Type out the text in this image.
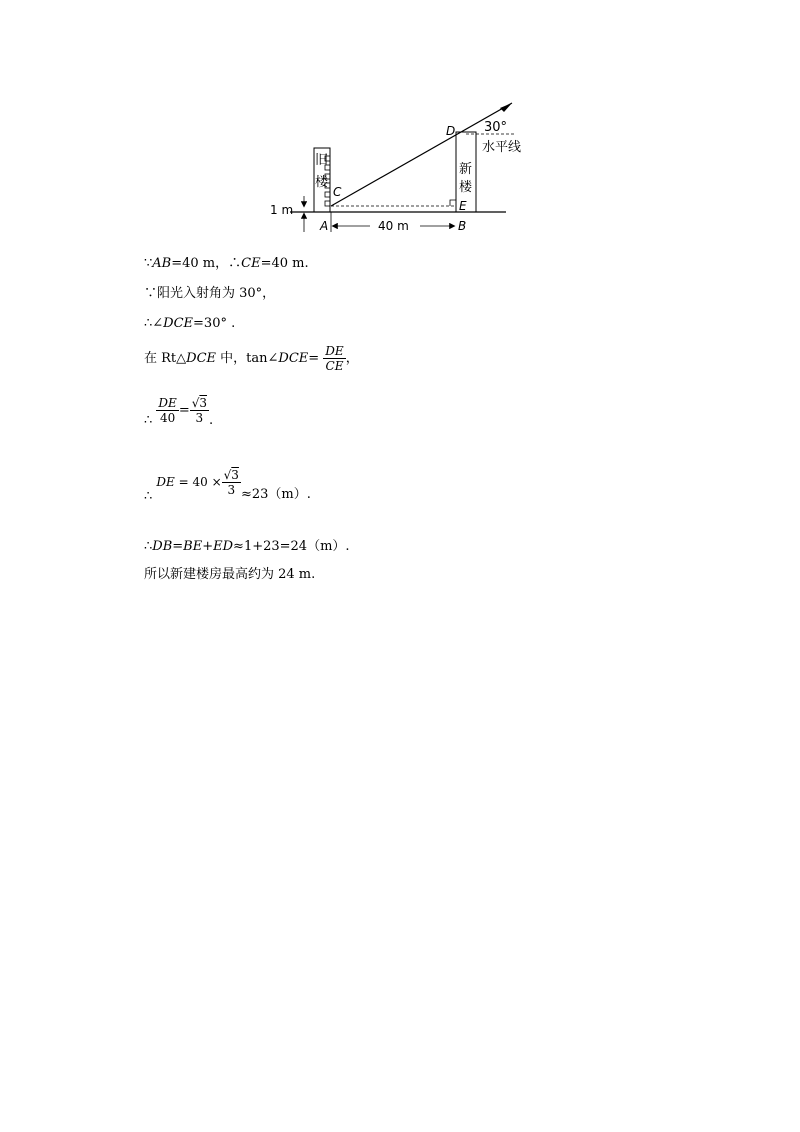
旧
楼
新
楼
30°
水平线
D
C
E
A	B
1 m
40 m
∵AB=40 m，∴CE=40 m.
∵阳光入射角为 30°，
∴∠DCE=30° .
在 Rt△DCE 中，tan∠DCE= $\frac{DE}{CE}$ ，
∴ $\frac{DE}{40} = \frac{√3}{3}$ .
∴ DE = $40 \times \frac{√3}{3} \approx 23(m)$.
∴DB=BE+ED≈1+23=24（m）.
所以新建楼房最高约为 24 m.
